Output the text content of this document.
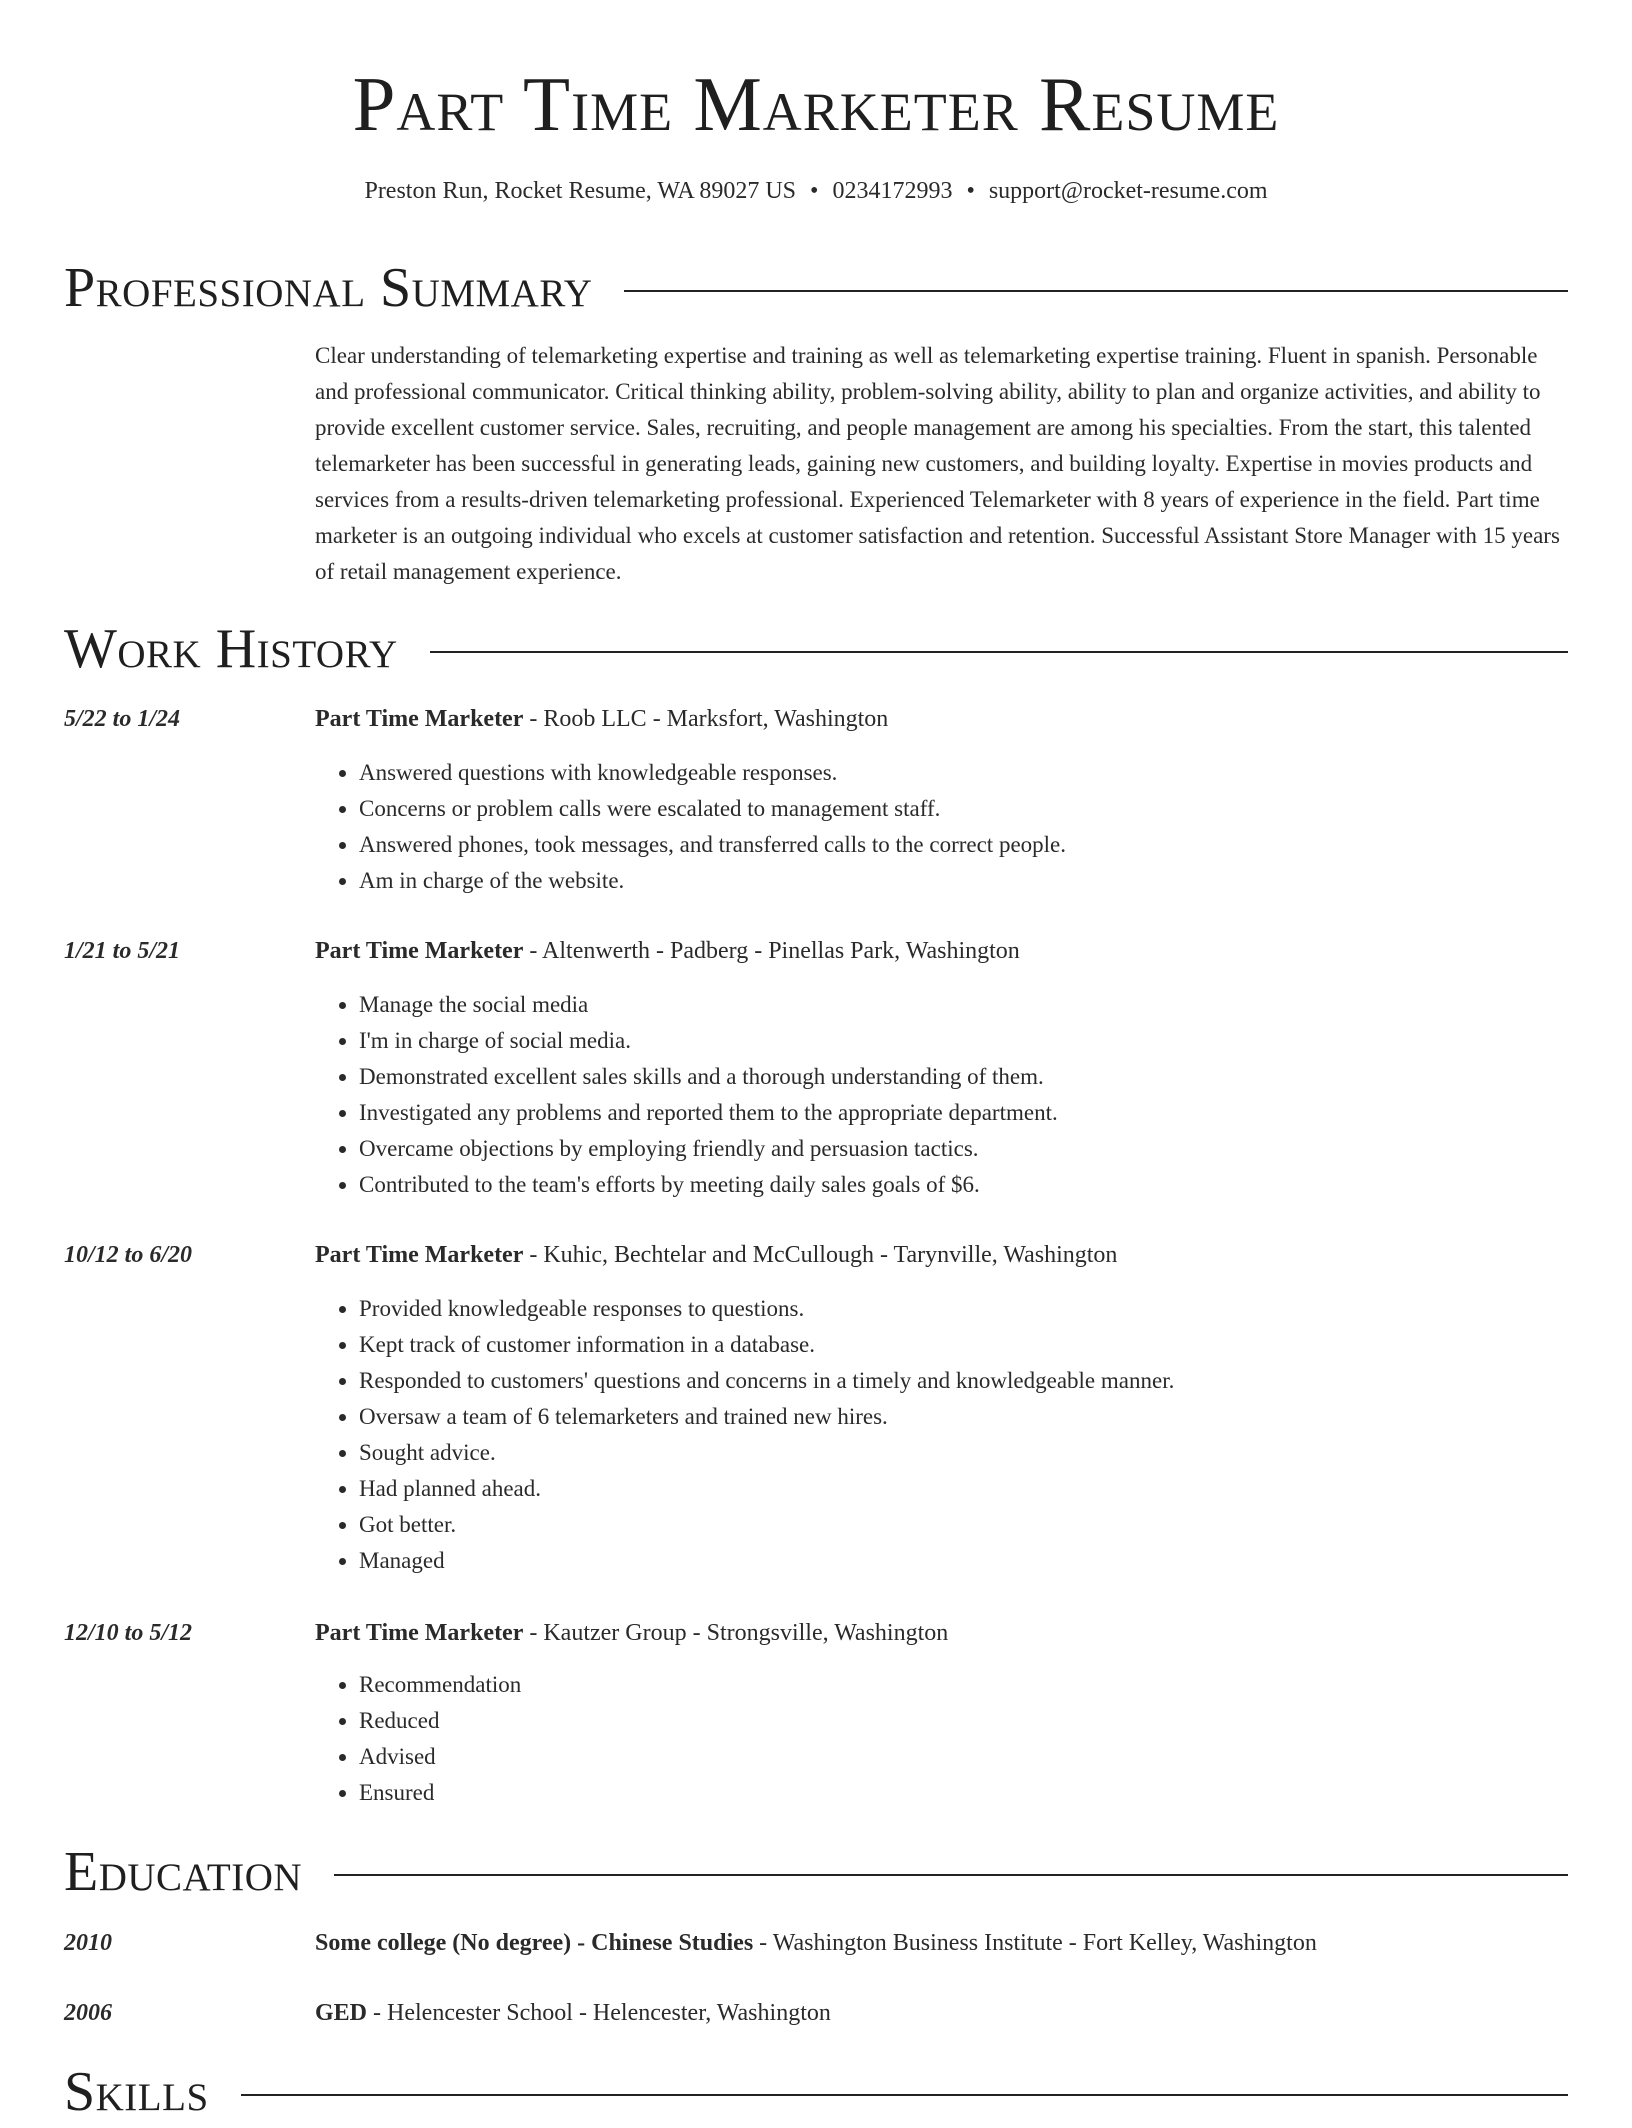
Part Time Marketer Resume
Preston Run, Rocket Resume, WA 89027 US • 0234172993 • support@rocket-resume.com
Professional Summary

Clear understanding of telemarketing expertise and training as well as telemarketing expertise training. Fluent in spanish. Personable and professional communicator. Critical thinking ability, problem-solving ability, ability to plan and organize activities, and ability to provide excellent customer service. Sales, recruiting, and people management are among his specialties. From the start, this talented telemarketer has been successful in generating leads, gaining new customers, and building loyalty. Expertise in movies products and services from a results-driven telemarketing professional. Experienced Telemarketer with 8 years of experience in the field. Part time marketer is an outgoing individual who excels at customer satisfaction and retention. Successful Assistant Store Manager with 15 years of retail management experience.

Work History
5/22 to 1/24	Part Time Marketer - Roob LLC - Marksfort, Washington
• Answered questions with knowledgeable responses.
• Concerns or problem calls were escalated to management staff.
• Answered phones, took messages, and transferred calls to the correct people.
• Am in charge of the website.
1/21 to 5/21	Part Time Marketer - Altenwerth - Padberg - Pinellas Park, Washington
• Manage the social media
• I'm in charge of social media.
• Demonstrated excellent sales skills and a thorough understanding of them.
• Investigated any problems and reported them to the appropriate department.
• Overcame objections by employing friendly and persuasion tactics.
• Contributed to the team's efforts by meeting daily sales goals of $6.
10/12 to 6/20	Part Time Marketer - Kuhic, Bechtelar and McCullough - Tarynville, Washington
• Provided knowledgeable responses to questions.
• Kept track of customer information in a database.
• Responded to customers' questions and concerns in a timely and knowledgeable manner.
• Oversaw a team of 6 telemarketers and trained new hires.
• Sought advice.
• Had planned ahead.
• Got better.
• Managed
12/10 to 5/12	Part Time Marketer - Kautzer Group - Strongsville, Washington
• Recommendation
• Reduced
• Advised
• Ensured
Education
2010	Some college (No degree) - Chinese Studies - Washington Business Institute - Fort Kelley, Washington
2006	GED - Helencester School - Helencester, Washington
Skills
